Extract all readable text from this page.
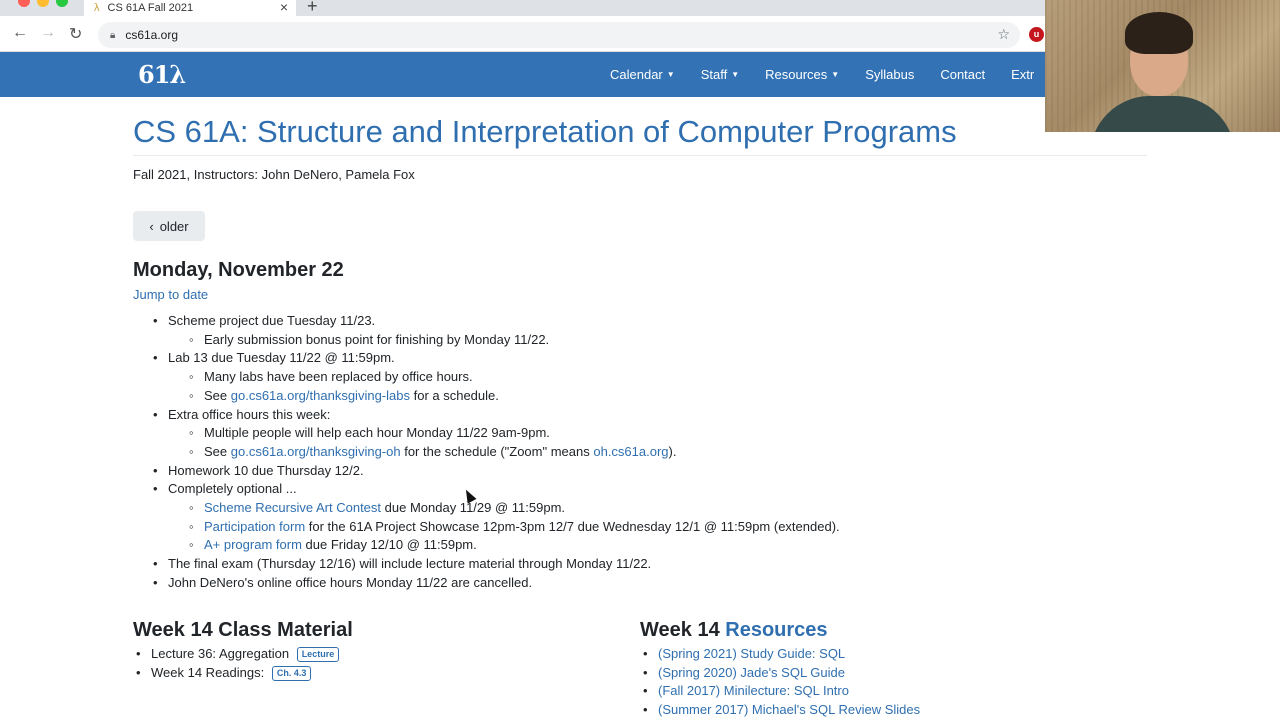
λ CS 61A Fall 2021	× +
← → ↻	🔒︎ cs61a.org	☆	u
61λ	Calendar ▼ Staff ▼ Resources ▼ Syllabus Contact Extr
CS 61A: Structure and Interpretation of Computer Programs
Fall 2021, Instructors: John DeNero, Pamela Fox
‹ older
Monday, November 22
Jump to date
• Scheme project due Tuesday 11/23.
◦ Early submission bonus point for finishing by Monday 11/22.
• Lab 13 due Tuesday 11/22 @ 11:59pm.
◦ Many labs have been replaced by office hours.
◦ See go.cs61a.org/thanksgiving-labs for a schedule.
• Extra office hours this week:
◦ Multiple people will help each hour Monday 11/22 9am-9pm.
◦ See go.cs61a.org/thanksgiving-oh for the schedule ("Zoom" means oh.cs61a.org).
• Homework 10 due Thursday 12/2.
• Completely optional ...
◦ Scheme Recursive Art Contest due Monday 11/29 @ 11:59pm.
◦ Participation form for the 61A Project Showcase 12pm-3pm 12/7 due Wednesday 12/1 @ 11:59pm (extended).
◦ A+ program form due Friday 12/10 @ 11:59pm.
• The final exam (Thursday 12/16) will include lecture material through Monday 11/22.
• John DeNero's online office hours Monday 11/22 are cancelled.
Week 14 Class Material
• Lecture 36: Aggregation Lecture
• Week 14 Readings: Ch. 4.3
Week 14 Resources
• (Spring 2021) Study Guide: SQL
• (Spring 2020) Jade's SQL Guide
• (Fall 2017) Minilecture: SQL Intro
• (Summer 2017) Michael's SQL Review Slides
